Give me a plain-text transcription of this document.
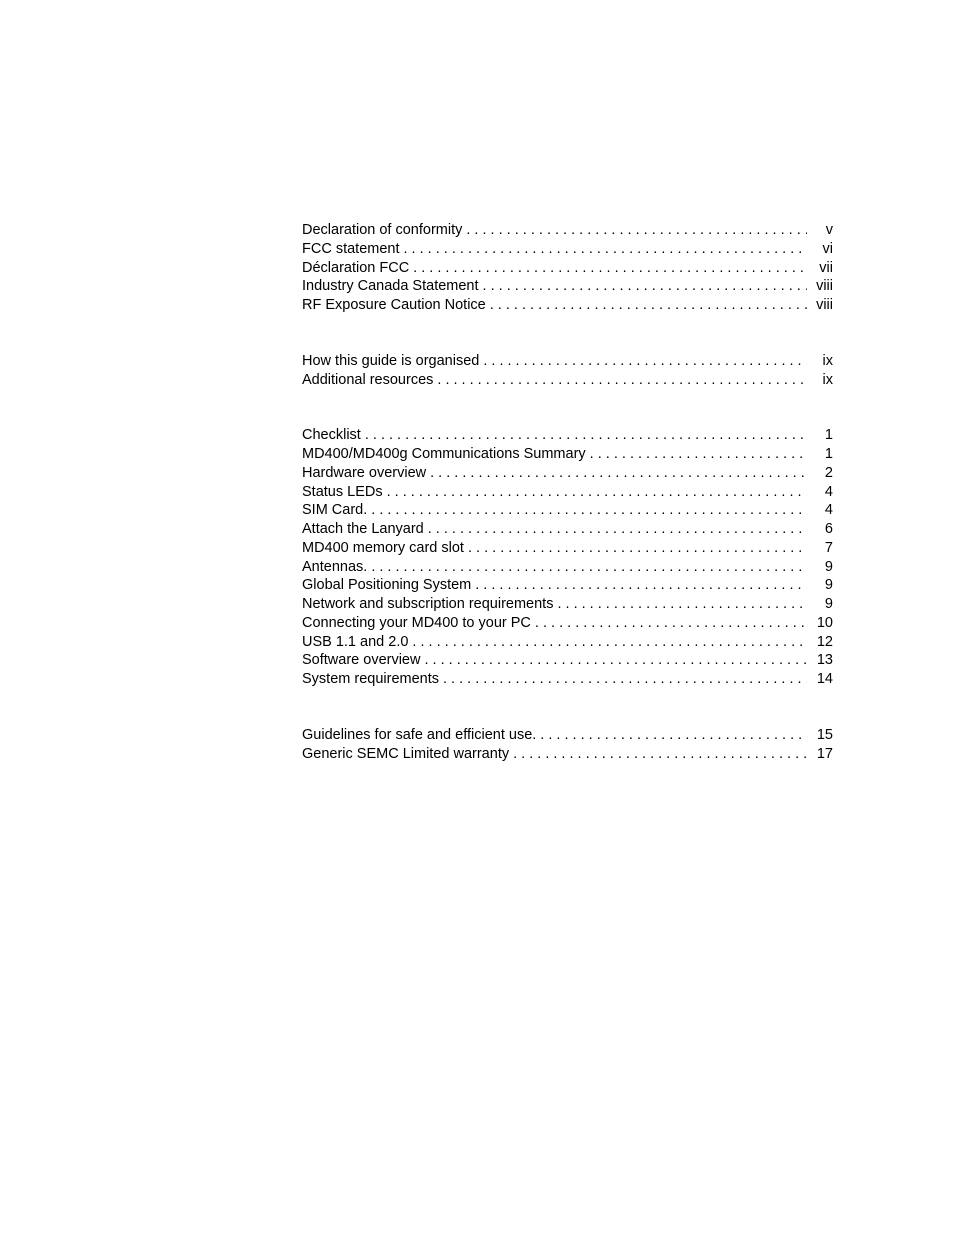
Declaration of conformity . . .	v
FCC statement . . .	vi
Déclaration FCC . . .	vii
Industry Canada Statement . . .	viii
RF Exposure Caution Notice . . .	viii
How this guide is organised . . .	ix
Additional resources . . .	ix
Checklist . . .	1
MD400/MD400g Communications Summary . . .	1
Hardware overview . . .	2
Status LEDs . . .	4
SIM Card. . . .	4
Attach the Lanyard . . .	6
MD400 memory card slot . . .	7
Antennas. . . .	9
Global Positioning System . . .	9
Network and subscription requirements . . .	9
Connecting your MD400 to your PC . . .	10
USB 1.1 and 2.0 . . .	12
Software overview . . .	13
System requirements . . .	14
Guidelines for safe and efficient use. . . .	15
Generic SEMC Limited warranty . . .	17
